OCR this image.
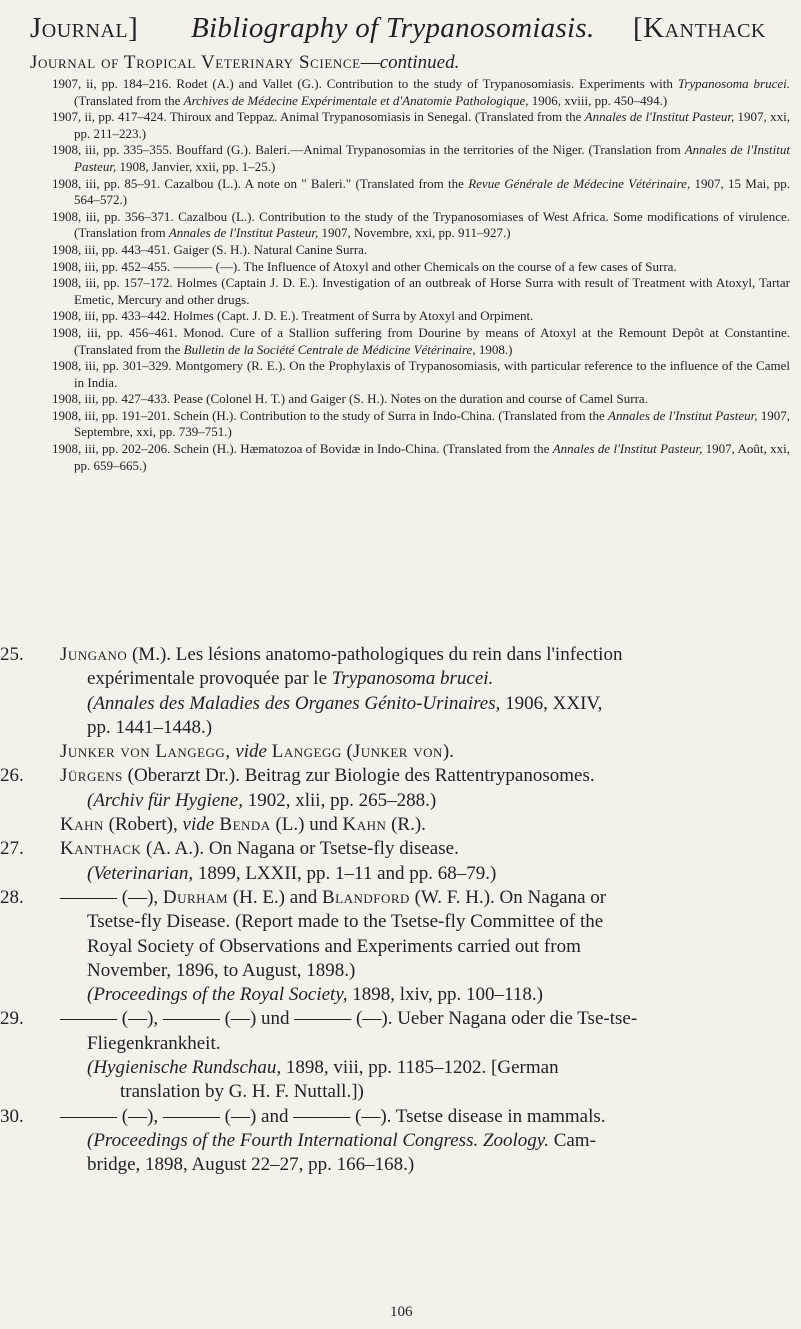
Journal] Bibliography of Trypanosomiasis. [Kanthack
Journal of Tropical Veterinary Science—continued.
1907, ii, pp. 184–216. Rodet (A.) and Vallet (G.). Contribution to the study of Trypanosomiasis. Experiments with Trypanosoma brucei. (Translated from the Archives de Médecine Expérimentale et d'Anatomie Pathologique, 1906, xviii, pp. 450–494.)
1907, ii, pp. 417–424. Thiroux and Teppaz. Animal Trypanosomiasis in Senegal. (Translated from the Annales de l'Institut Pasteur, 1907, xxi, pp. 211–223.)
1908, iii, pp. 335–355. Bouffard (G.). Baleri.—Animal Trypanosomias in the territories of the Niger. (Translation from Annales de l'Institut Pasteur, 1908, Janvier, xxii, pp. 1–25.)
1908, iii, pp. 85–91. Cazalbou (L.). A note on " Baleri." (Translated from the Revue Générale de Médecine Vétérinaire, 1907, 15 Mai, pp. 564–572.)
1908, iii, pp. 356–371. Cazalbou (L.). Contribution to the study of the Trypanosomiases of West Africa. Some modifications of virulence. (Translation from Annales de l'Institut Pasteur, 1907, Novembre, xxi, pp. 911–927.)
1908, iii, pp. 443–451. Gaiger (S. H.). Natural Canine Surra.
1908, iii, pp. 452–455. ——— (—). The Influence of Atoxyl and other Chemicals on the course of a few cases of Surra.
1908, iii, pp. 157–172. Holmes (Captain J. D. E.). Investigation of an outbreak of Horse Surra with result of Treatment with Atoxyl, Tartar Emetic, Mercury and other drugs.
1908, iii, pp. 433–442. Holmes (Capt. J. D. E.). Treatment of Surra by Atoxyl and Orpiment.
1908, iii, pp. 456–461. Monod. Cure of a Stallion suffering from Dourine by means of Atoxyl at the Remount Depôt at Constantine. (Translated from the Bulletin de la Société Centrale de Médicine Vétérinaire, 1908.)
1908, iii, pp. 301–329. Montgomery (R. E.). On the Prophylaxis of Trypanosomiasis, with particular reference to the influence of the Camel in India.
1908, iii, pp. 427–433. Pease (Colonel H. T.) and Gaiger (S. H.). Notes on the duration and course of Camel Surra.
1908, iii, pp. 191–201. Schein (H.). Contribution to the study of Surra in Indo-China. (Translated from the Annales de l'Institut Pasteur, 1907, Septembre, xxi, pp. 739–751.)
1908, iii, pp. 202–206. Schein (H.). Hæmatozoa of Bovidæ in Indo-China. (Translated from the Annales de l'Institut Pasteur, 1907, Août, xxi, pp. 659–665.)
25.	Jungano (M.). Les lésions anatomo-pathologiques du rein dans l'infection
expérimentale provoquée par le Trypanosoma brucei.
(Annales des Maladies des Organes Génito-Urinaires, 1906, XXIV,
pp. 1441–1448.)
Junker von Langegg, vide Langegg (Junker von).
26.	Jürgens (Oberarzt Dr.). Beitrag zur Biologie des Rattentrypanosomes.
(Archiv für Hygiene, 1902, xlii, pp. 265–288.)
Kahn (Robert), vide Benda (L.) und Kahn (R.).
27.	Kanthack (A. A.). On Nagana or Tsetse-fly disease.
(Veterinarian, 1899, LXXII, pp. 1–11 and pp. 68–79.)
28.	——— (—), Durham (H. E.) and Blandford (W. F. H.). On Nagana or
Tsetse-fly Disease. (Report made to the Tsetse-fly Committee of the
Royal Society of Observations and Experiments carried out from
November, 1896, to August, 1898.)
(Proceedings of the Royal Society, 1898, lxiv, pp. 100–118.)
29.	——— (—), ——— (—) und ——— (—). Ueber Nagana oder die Tse-tse-
Fliegenkrankheit.
(Hygienische Rundschau, 1898, viii, pp. 1185–1202. [German
translation by G. H. F. Nuttall.])
30.	——— (—), ——— (—) and ——— (—). Tsetse disease in mammals.
(Proceedings of the Fourth International Congress. Zoology. Cam-
bridge, 1898, August 22–27, pp. 166–168.)
106
